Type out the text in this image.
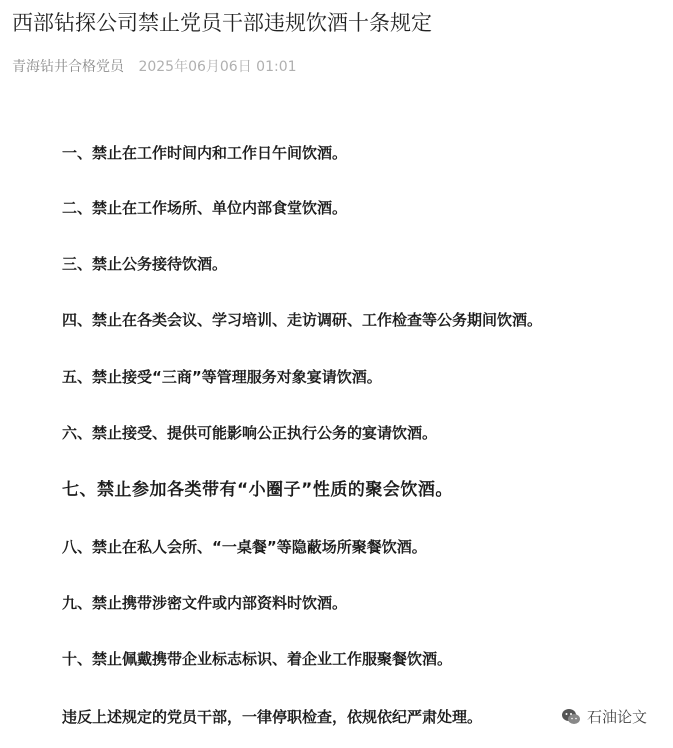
西部钻探公司禁止党员干部违规饮酒十条规定
青海钻井合格党员 2025年06月06日 01:01
一、禁止在工作时间内和工作日午间饮酒。
二、禁止在工作场所、单位内部食堂饮酒。
三、禁止公务接待饮酒。
四、禁止在各类会议、学习培训、走访调研、工作检查等公务期间饮酒。
五、禁止接受“三商”等管理服务对象宴请饮酒。
六、禁止接受、提供可能影响公正执行公务的宴请饮酒。
七、禁止参加各类带有“小圈子”性质的聚会饮酒。
八、禁止在私人会所、“一桌餐”等隐蔽场所聚餐饮酒。
九、禁止携带涉密文件或内部资料时饮酒。
十、禁止佩戴携带企业标志标识、着企业工作服聚餐饮酒。

违反上述规定的党员干部，一律停职检查，依规依纪严肃处理。	石油论文
